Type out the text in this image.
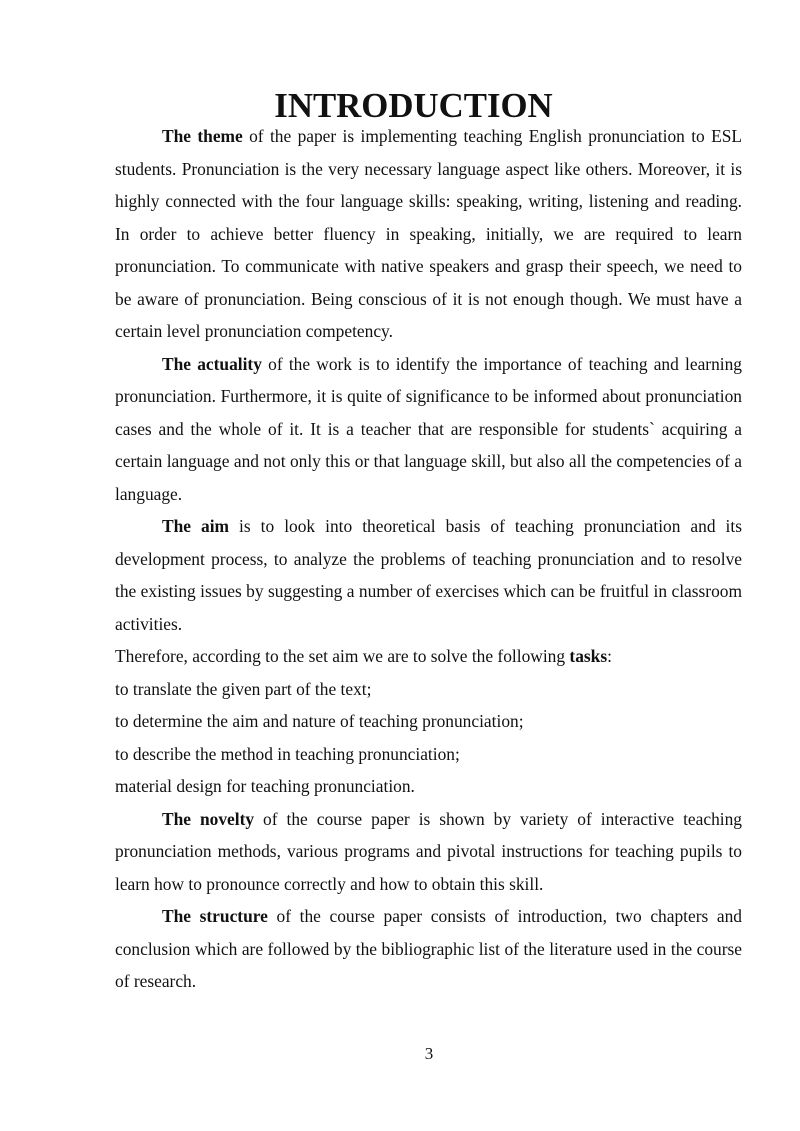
INTRODUCTION

The theme of the paper is implementing teaching English pronunciation to ESL students. Pronunciation is the very necessary language aspect like others. Moreover, it is highly connected with the four language skills: speaking, writing, listening and reading. In order to achieve better fluency in speaking, initially, we are required to learn pronunciation. To communicate with native speakers and grasp their speech, we need to be aware of pronunciation. Being conscious of it is not enough though. We must have a certain level pronunciation competency.

The actuality of the work is to identify the importance of teaching and learning pronunciation. Furthermore, it is quite of significance to be informed about pronunciation cases and the whole of it. It is a teacher that are responsible for students` acquiring a certain language and not only this or that language skill, but also all the competencies of a language.

The aim is to look into theoretical basis of teaching pronunciation and its development process, to analyze the problems of teaching pronunciation and to resolve the existing issues by suggesting a number of exercises which can be fruitful in classroom activities.

Therefore, according to the set aim we are to solve the following tasks:

to translate the given part of the text;

to determine the aim and nature of teaching pronunciation;

to describe the method in teaching pronunciation;

material design for teaching pronunciation.

The novelty of the course paper is shown by variety of interactive teaching pronunciation methods, various programs and pivotal instructions for teaching pupils to learn how to pronounce correctly and how to obtain this skill.

The structure of the course paper consists of introduction, two chapters and conclusion which are followed by the bibliographic list of the literature used in the course of research.

3
